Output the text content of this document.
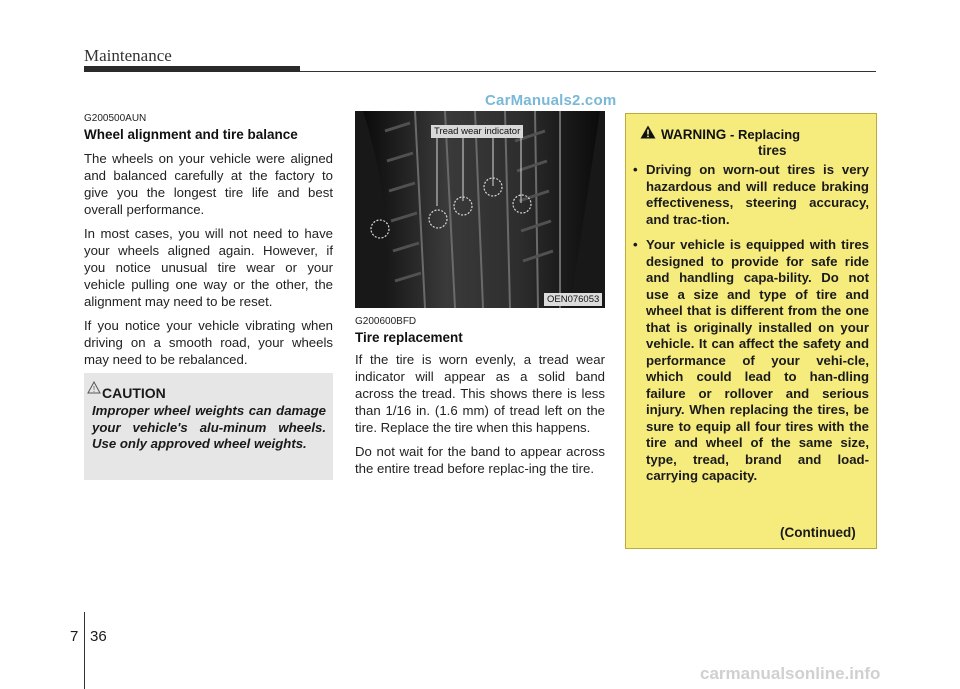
Maintenance
CarManuals2.com
G200500AUN
Wheel alignment and tire balance

The wheels on your vehicle were aligned and balanced carefully at the factory to give you the longest tire life and best overall performance.

In most cases, you will not need to have your wheels aligned again. However, if you notice unusual tire wear or your vehicle pulling one way or the other, the alignment may need to be reset.

If you notice your vehicle vibrating when driving on a smooth road, your wheels may need to be rebalanced.

! CAUTION
Improper wheel weights can damage your vehicle's alu-minum wheels. Use only approved wheel weights.
Tread wear indicator
OEN076053
G200600BFD
Tire replacement

If the tire is worn evenly, a tread wear indicator will appear as a solid band across the tread. This shows there is less than 1/16 in. (1.6 mm) of tread left on the tire. Replace the tire when this happens.

Do not wait for the band to appear across the entire tread before replac-ing the tire.

WARNING - Replacing
tires
• Driving on worn-out tires is very hazardous and will reduce braking effectiveness, steering accuracy, and trac-tion.
• Your vehicle is equipped with tires designed to provide for safe ride and handling capa-bility. Do not use a size and type of tire and wheel that is different from the one that is originally installed on your vehicle. It can affect the safety and performance of your vehi-cle, which could lead to han-dling failure or rollover and serious injury. When replacing the tires, be sure to equip all four tires with the tire and wheel of the same size, type, tread, brand and load-carrying capacity.
(Continued)
7 36
carmanualsonline.info
